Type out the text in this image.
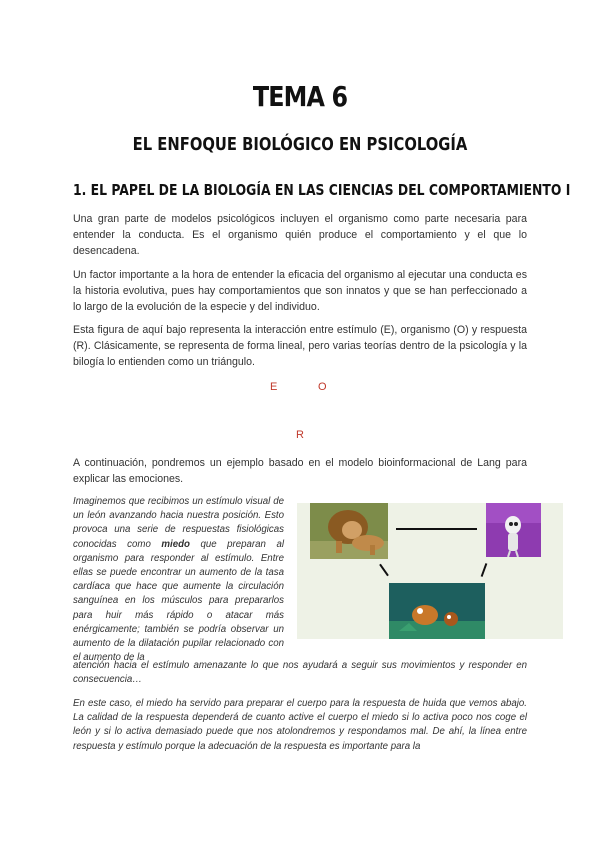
TEMA 6
EL ENFOQUE BIOLÓGICO EN PSICOLOGÍA
1. EL PAPEL DE LA BIOLOGÍA EN LAS CIENCIAS DEL COMPORTAMIENTO I

Una gran parte de modelos psicológicos incluyen el organismo como parte necesaria para entender la conducta. Es el organismo quién produce el comportamiento y el que lo desencadena.

Un factor importante a la hora de entender la eficacia del organismo al ejecutar una conducta es la historia evolutiva, pues hay comportamientos que son innatos y que se han perfeccionado a lo largo de la evolución de la especie y del individuo.

Esta figura de aquí bajo representa la interacción entre estímulo (E), organismo (O) y respuesta (R). Clásicamente, se representa de forma lineal, pero varias teorías dentro de la psicología y la bilogía lo entienden como un triángulo.

E	O
R

A continuación, pondremos un ejemplo basado en el modelo bioinformacional de Lang para explicar las emociones.

Imaginemos que recibimos un estímulo visual de un león avanzando hacia nuestra posición. Esto provoca una serie de respuestas fisiológicas conocidas como miedo que preparan al organismo para responder al estímulo. Entre ellas se puede encontrar un aumento de la tasa cardíaca que hace que aumente la circulación sanguínea en los músculos para prepararlos para huir más rápido o atacar más enérgicamente; también se podría observar un aumento de la dilatación pupilar relacionado con el aumento de la

atención hacia el estímulo amenazante lo que nos ayudará a seguir sus movimientos y responder en consecuencia…

En este caso, el miedo ha servido para preparar el cuerpo para la respuesta de huida que vemos abajo. La calidad de la respuesta dependerá de cuanto active el cuerpo el miedo si lo activa poco nos coge el león y si lo activa demasiado puede que nos atolondremos y respondamos mal. De ahí, la línea entre respuesta y estímulo porque la adecuación de la respuesta es importante para la
